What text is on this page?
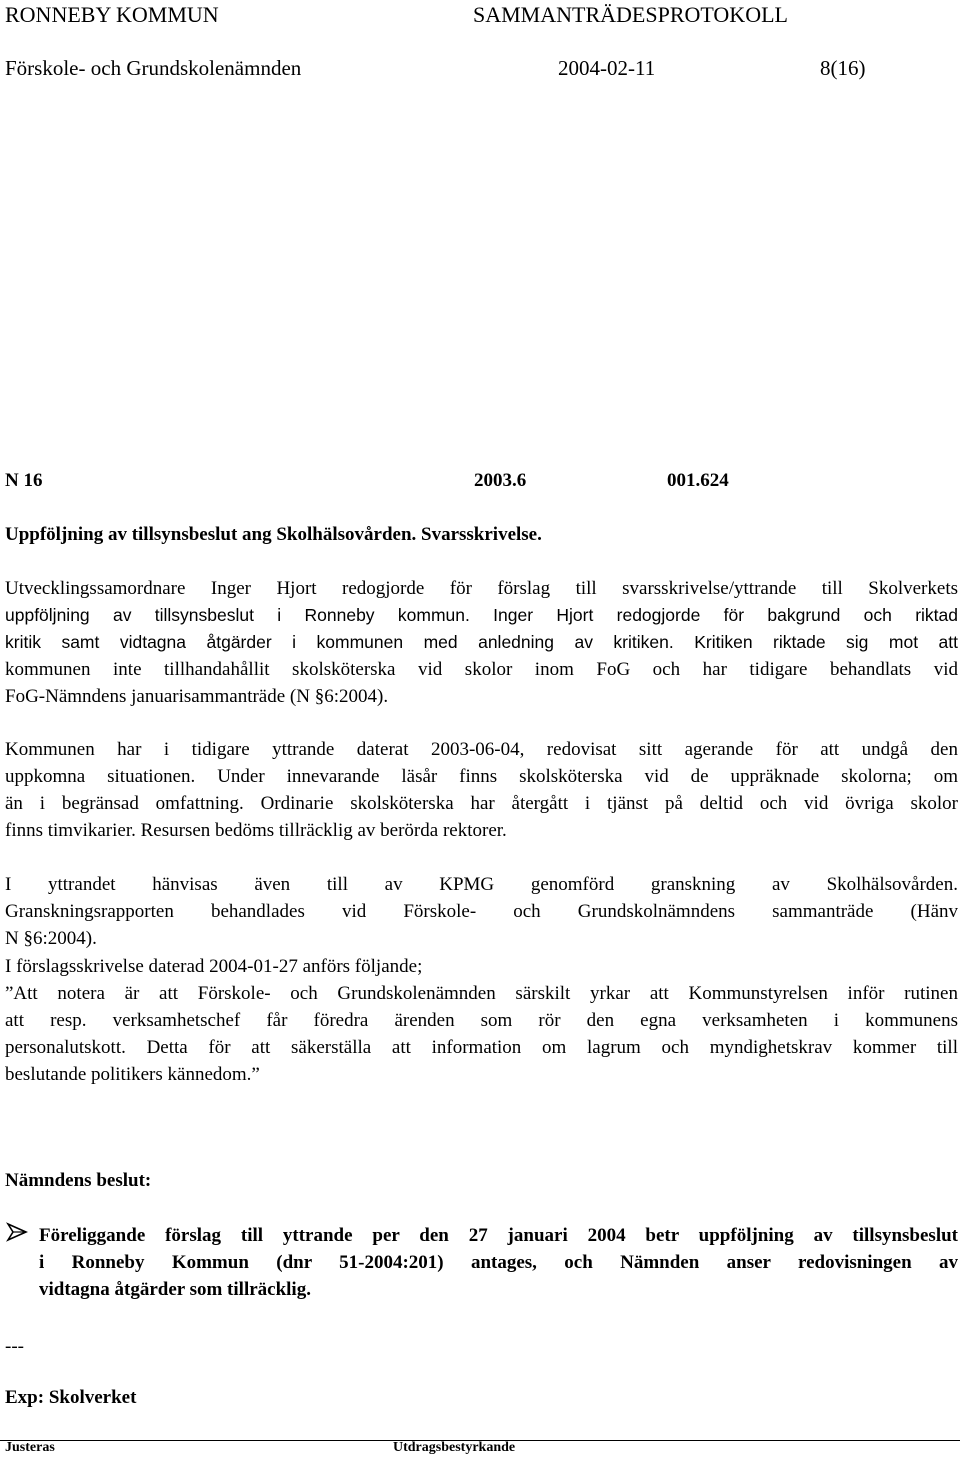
RONNEBY KOMMUN	SAMMANTRÄDESPROTOKOLL
Förskole- och Grundskolenämnden	2004-02-11	8(16)
N 16	2003.6	001.624
Uppföljning av tillsynsbeslut ang Skolhälsovården. Svarsskrivelse.
Utvecklingssamordnare Inger Hjort redogjorde för förslag till svarsskrivelse/yttrande till Skolverkets
uppföljning av tillsynsbeslut i Ronneby kommun. Inger Hjort redogjorde för bakgrund och riktad
kritik samt vidtagna åtgärder i kommunen med anledning av kritiken. Kritiken riktade sig mot att
kommunen inte tillhandahållit skolsköterska vid skolor inom FoG och har tidigare behandlats vid
FoG-Nämndens januarisammanträde (N §6:2004).
Kommunen har i tidigare yttrande daterat 2003-06-04, redovisat sitt agerande för att undgå den
uppkomna situationen. Under innevarande läsår finns skolsköterska vid de uppräknade skolorna; om
än i begränsad omfattning. Ordinarie skolsköterska har återgått i tjänst på deltid och vid övriga skolor
finns timvikarier. Resursen bedöms tillräcklig av berörda rektorer.
I yttrandet hänvisas även till av KPMG genomförd granskning av Skolhälsovården.
Granskningsrapporten behandlades vid Förskole- och Grundskolnämndens sammanträde (Hänv
N §6:2004).
I förslagsskrivelse daterad 2004-01-27 anförs följande;
”Att notera är att Förskole- och Grundskolenämnden särskilt yrkar att Kommunstyrelsen inför rutinen
att resp. verksamhetschef får föredra ärenden som rör den egna verksamheten i kommunens
personalutskott. Detta för att säkerställa att information om lagrum och myndighetskrav kommer till
beslutande politikers kännedom.”
Nämndens beslut:
Föreliggande förslag till yttrande per den 27 januari 2004 betr uppföljning av tillsynsbeslut
i Ronneby Kommun (dnr 51-2004:201) antages, och Nämnden anser redovisningen av
vidtagna åtgärder som tillräcklig.
---
Exp: Skolverket
Justeras	Utdragsbestyrkande
